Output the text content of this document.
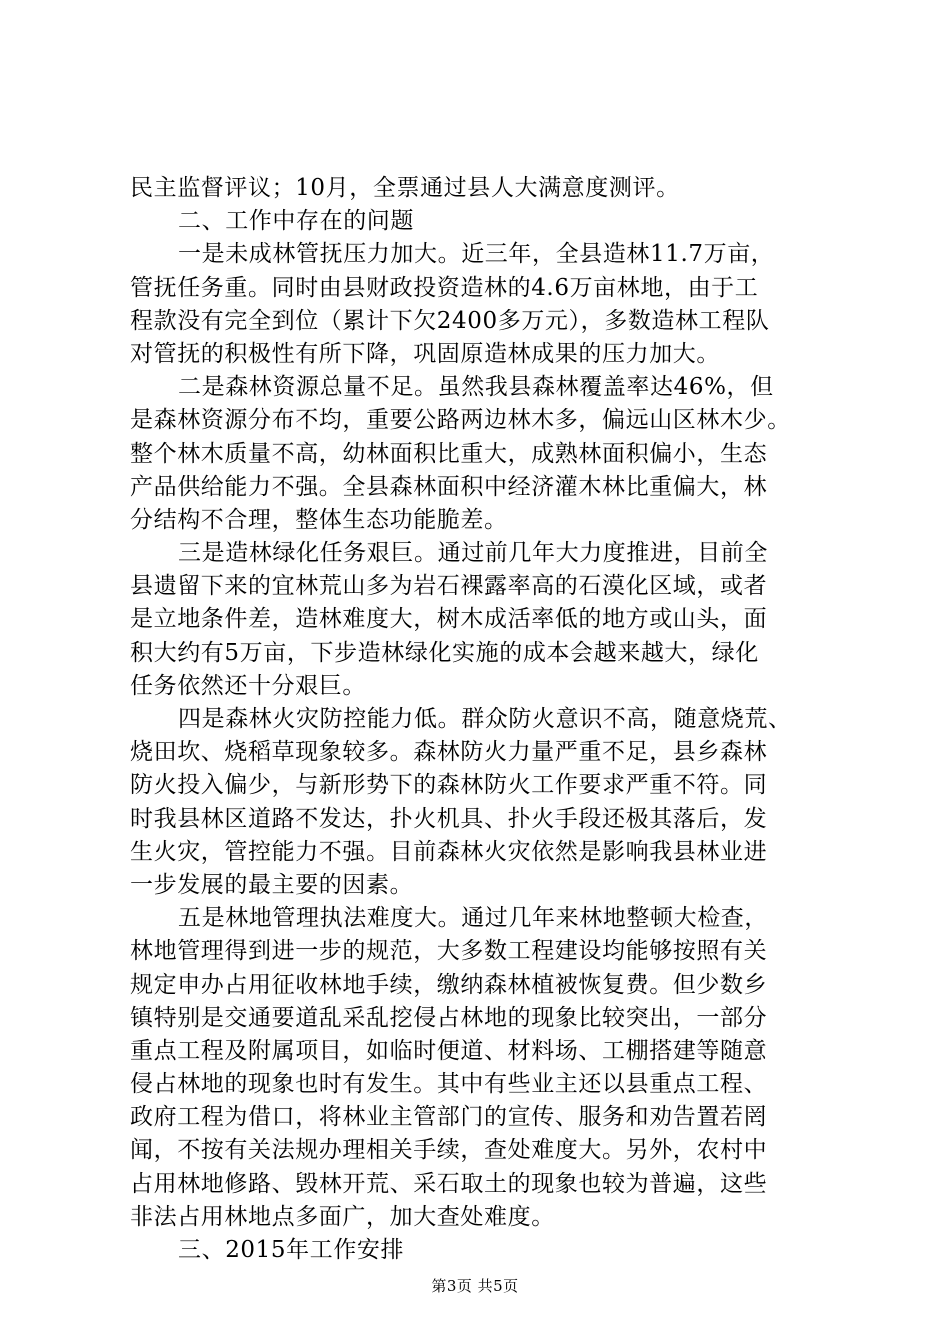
民主监督评议；10月，全票通过县人大满意度测评。
二、工作中存在的问题
一是未成林管抚压力加大。近三年，全县造林11.7万亩，
管抚任务重。同时由县财政投资造林的4.6万亩林地，由于工
程款没有完全到位（累计下欠2400多万元），多数造林工程队
对管抚的积极性有所下降，巩固原造林成果的压力加大。
二是森林资源总量不足。虽然我县森林覆盖率达46%，但
是森林资源分布不均，重要公路两边林木多，偏远山区林木少。
整个林木质量不高，幼林面积比重大，成熟林面积偏小，生态
产品供给能力不强。全县森林面积中经济灌木林比重偏大，林
分结构不合理，整体生态功能脆差。
三是造林绿化任务艰巨。通过前几年大力度推进，目前全
县遗留下来的宜林荒山多为岩石裸露率高的石漠化区域，或者
是立地条件差，造林难度大，树木成活率低的地方或山头，面
积大约有5万亩，下步造林绿化实施的成本会越来越大，绿化
任务依然还十分艰巨。
四是森林火灾防控能力低。群众防火意识不高，随意烧荒、
烧田坎、烧稻草现象较多。森林防火力量严重不足，县乡森林
防火投入偏少，与新形势下的森林防火工作要求严重不符。同
时我县林区道路不发达，扑火机具、扑火手段还极其落后，发
生火灾，管控能力不强。目前森林火灾依然是影响我县林业进
一步发展的最主要的因素。
五是林地管理执法难度大。通过几年来林地整顿大检查，
林地管理得到进一步的规范，大多数工程建设均能够按照有关
规定申办占用征收林地手续，缴纳森林植被恢复费。但少数乡
镇特别是交通要道乱采乱挖侵占林地的现象比较突出，一部分
重点工程及附属项目，如临时便道、材料场、工棚搭建等随意
侵占林地的现象也时有发生。其中有些业主还以县重点工程、
政府工程为借口，将林业主管部门的宣传、服务和劝告置若罔
闻，不按有关法规办理相关手续，查处难度大。另外，农村中
占用林地修路、毁林开荒、采石取土的现象也较为普遍，这些
非法占用林地点多面广，加大查处难度。
三、2015年工作安排
第3页 共5页
